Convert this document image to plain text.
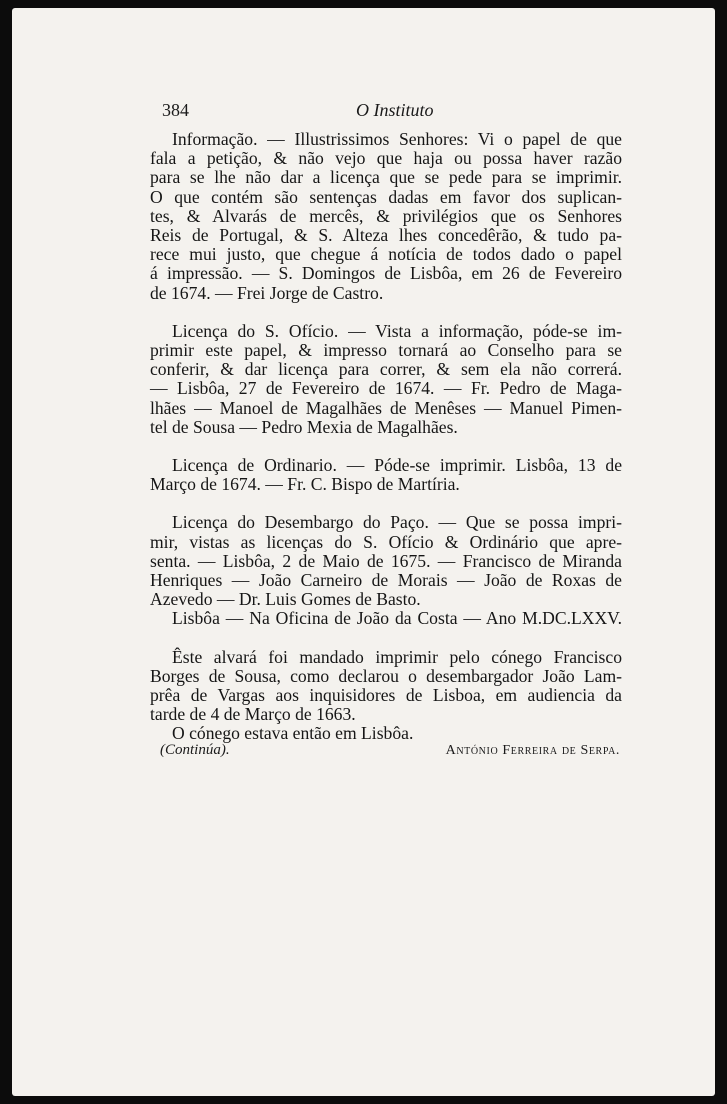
384	O Instituto
Informação. — Illustrissimos Senhores: Vi o papel de que
fala a petição, & não vejo que haja ou possa haver razão
para se lhe não dar a licença que se pede para se imprimir.
O que contém são sentenças dadas em favor dos suplican-
tes, & Alvarás de mercês, & privilégios que os Senhores
Reis de Portugal, & S. Alteza lhes concedêrão, & tudo pa-
rece mui justo, que chegue á notícia de todos dado o papel
á impressão. — S. Domingos de Lisbôa, em 26 de Fevereiro
de 1674. — Frei Jorge de Castro.
Licença do S. Ofício. — Vista a informação, póde-se im-
primir este papel, & impresso tornará ao Conselho para se
conferir, & dar licença para correr, & sem ela não correrá.
— Lisbôa, 27 de Fevereiro de 1674. — Fr. Pedro de Maga-
lhães — Manoel de Magalhães de Menêses — Manuel Pimen-
tel de Sousa — Pedro Mexia de Magalhães.
Licença de Ordinario. — Póde-se imprimir. Lisbôa, 13 de
Março de 1674. — Fr. C. Bispo de Martíria.
Licença do Desembargo do Paço. — Que se possa impri-
mir, vistas as licenças do S. Ofício & Ordinário que apre-
senta. — Lisbôa, 2 de Maio de 1675. — Francisco de Miranda
Henriques — João Carneiro de Morais — João de Roxas de
Azevedo — Dr. Luis Gomes de Basto.
Lisbôa — Na Oficina de João da Costa — Ano M.DC.LXXV.
Êste alvará foi mandado imprimir pelo cónego Francisco
Borges de Sousa, como declarou o desembargador João Lam-
prêa de Vargas aos inquisidores de Lisboa, em audiencia da
tarde de 4 de Março de 1663.
O cónego estava então em Lisbôa.
(Continúa).	António Ferreira de Serpa.
